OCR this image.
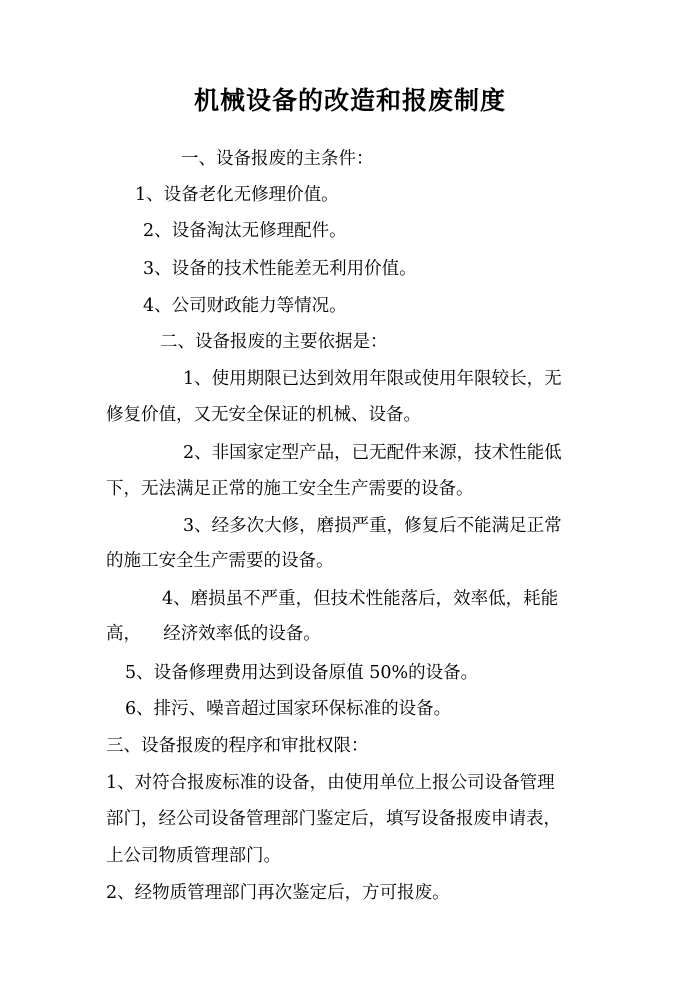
机械设备的改造和报废制度
一、设备报废的主条件：
1、设备老化无修理价值。
2、设备淘汰无修理配件。
3、设备的技术性能差无利用价值。
4、公司财政能力等情况。
二、设备报废的主要依据是：
1、使用期限已达到效用年限或使用年限较长，无
修复价值，又无安全保证的机械、设备。
2、非国家定型产品，已无配件来源，技术性能低
下，无法满足正常的施工安全生产需要的设备。
3、经多次大修，磨损严重，修复后不能满足正常
的施工安全生产需要的设备。
4、磨损虽不严重，但技术性能落后，效率低，耗能
高，    经济效率低的设备。
5、设备修理费用达到设备原值 50%的设备。
6、排污、噪音超过国家环保标准的设备。
三、设备报废的程序和审批权限：
1、对符合报废标准的设备，由使用单位上报公司设备管理
部门，经公司设备管理部门鉴定后，填写设备报废申请表，
上公司物质管理部门。
2、经物质管理部门再次鉴定后，方可报废。
